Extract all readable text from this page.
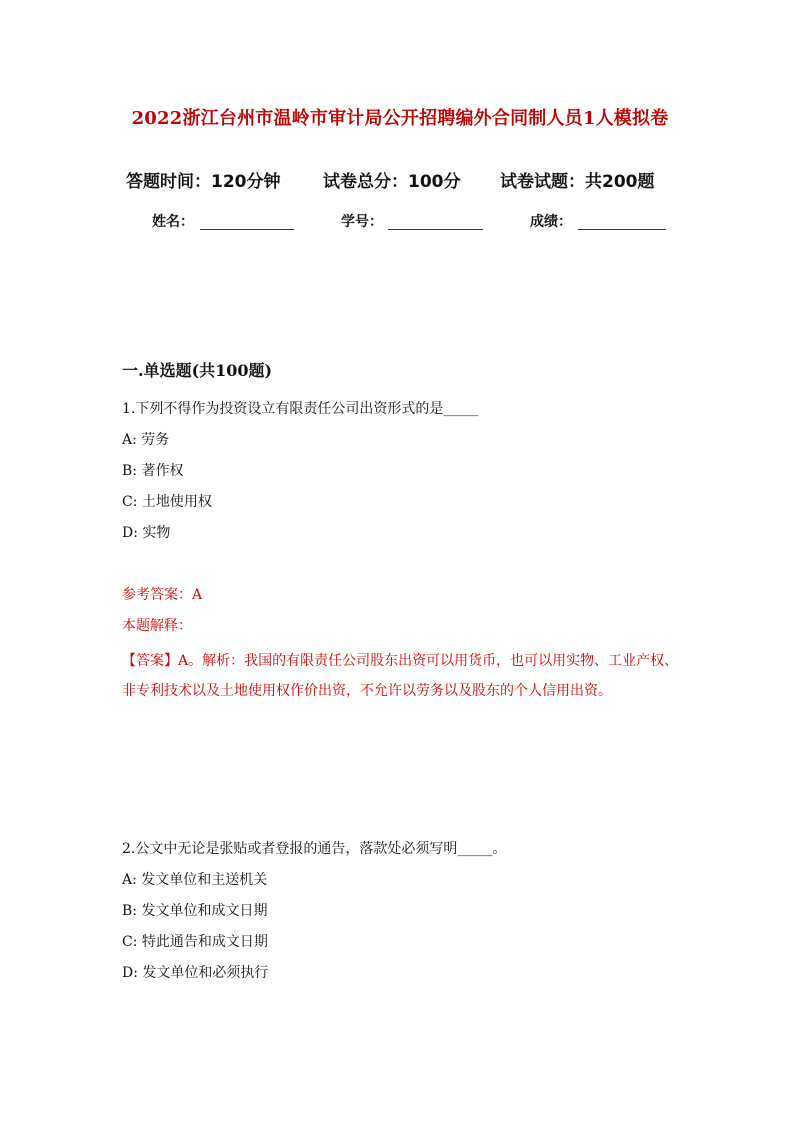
2022浙江台州市温岭市审计局公开招聘编外合同制人员1人模拟卷
答题时间：120分钟	试卷总分：100分 试卷试题：共200题
姓名：	学号：	成绩：
一.单选题(共100题)
1.下列不得作为投资设立有限责任公司出资形式的是_____
A: 劳务
B: 著作权
C: 土地使用权
D: 实物
参考答案：A
本题解释：
【答案】A。解析：我国的有限责任公司股东出资可以用货币，也可以用实物、工业产权、非专利技术以及土地使用权作价出资，不允许以劳务以及股东的个人信用出资。
2.公文中无论是张贴或者登报的通告，落款处必须写明_____。
A: 发文单位和主送机关
B: 发文单位和成文日期
C: 特此通告和成文日期
D: 发文单位和必须执行
